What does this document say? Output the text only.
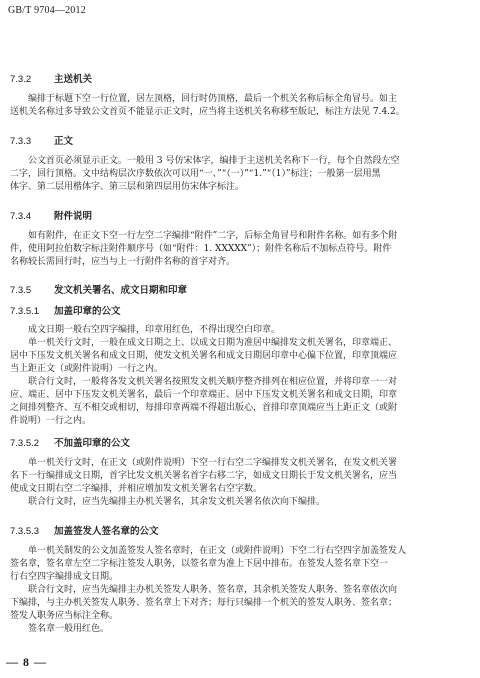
GB/T 9704—2012
7.3.2 主送机关
编排于标题下空一行位置，居左顶格，回行时仍顶格，最后一个机关名称后标全角冒号。如主
送机关名称过多导致公文首页不能显示正文时，应当将主送机关名称移至版记，标注方法见 7.4.2。
7.3.3 正文
公文首页必须显示正文。一般用 3 号仿宋体字，编排于主送机关名称下一行，每个自然段左空
二字，回行顶格。文中结构层次序数依次可以用“一、”“（一）”“1.”“（1）”标注；一般第一层用黑
体字、第二层用楷体字、第三层和第四层用仿宋体字标注。
7.3.4 附件说明
如有附件，在正文下空一行左空二字编排“附件”二字，后标全角冒号和附件名称。如有多个附
件，使用阿拉伯数字标注附件顺序号（如“附件：1. XXXXX”）；附件名称后不加标点符号。附件
名称较长需回行时，应当与上一行附件名称的首字对齐。
7.3.5 发文机关署名、成文日期和印章
7.3.5.1 加盖印章的公文
成文日期一般右空四字编排，印章用红色，不得出现空白印章。
单一机关行文时，一般在成文日期之上、以成文日期为准居中编排发文机关署名，印章端正、
居中下压发文机关署名和成文日期，使发文机关署名和成文日期居印章中心偏下位置，印章顶端应
当上距正文（或附件说明）一行之内。
联合行文时，一般将各发文机关署名按照发文机关顺序整齐排列在相应位置，并将印章一一对
应、端正、居中下压发文机关署名，最后一个印章端正、居中下压发文机关署名和成文日期，印章
之间排列整齐、互不相交或相切，每排印章两端不得超出版心，首排印章顶端应当上距正文（或附
件说明）一行之内。
7.3.5.2 不加盖印章的公文
单一机关行文时，在正文（或附件说明）下空一行右空二字编排发文机关署名，在发文机关署
名下一行编排成文日期，首字比发文机关署名首字右移二字，如成文日期长于发文机关署名，应当
使成文日期右空二字编排，并相应增加发文机关署名右空字数。
联合行文时，应当先编排主办机关署名，其余发文机关署名依次向下编排。
7.3.5.3 加盖签发人签名章的公文
单一机关制发的公文加盖签发人签名章时，在正文（或附件说明）下空二行右空四字加盖签发人
签名章，签名章左空二字标注签发人职务，以签名章为准上下居中排布。在签发人签名章下空一
行右空四字编排成文日期。
联合行文时，应当先编排主办机关签发人职务、签名章，其余机关签发人职务、签名章依次向
下编排，与主办机关签发人职务、签名章上下对齐；每行只编排一个机关的签发人职务、签名章；
签发人职务应当标注全称。
签名章一般用红色。
— 8 —
